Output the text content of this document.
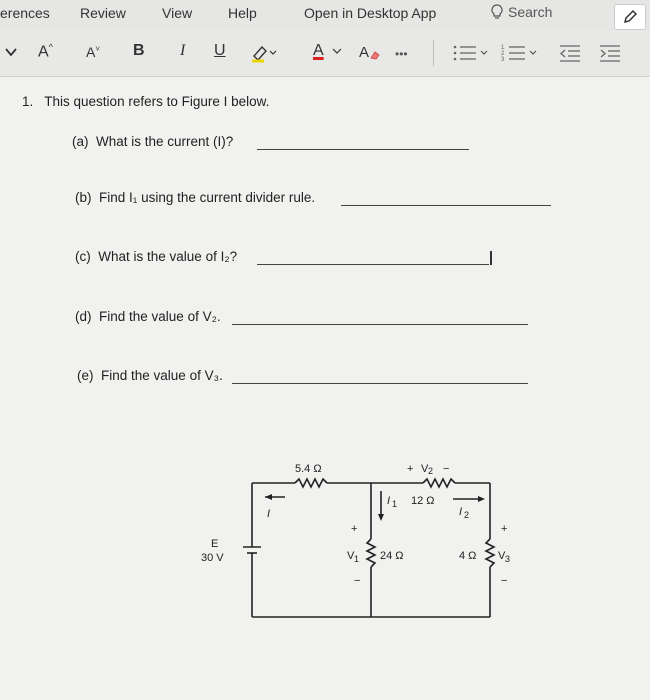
erences Review	View	Help	Open in Desktop App	Search
A^ A˅ B I U	A A •••	1
2
3
1. This question refers to Figure I below.
(a) What is the current (I)?
(b) Find I₁ using the current divider rule.
(c) What is the value of I₂?
(d) Find the value of V₂.
(e) Find the value of V₃.
5.4 Ω	+ V 2 −
I
I 1 12 Ω
I 2
+
V 1
−
24 Ω	4 Ω
+
V 3
−
E
30 V
